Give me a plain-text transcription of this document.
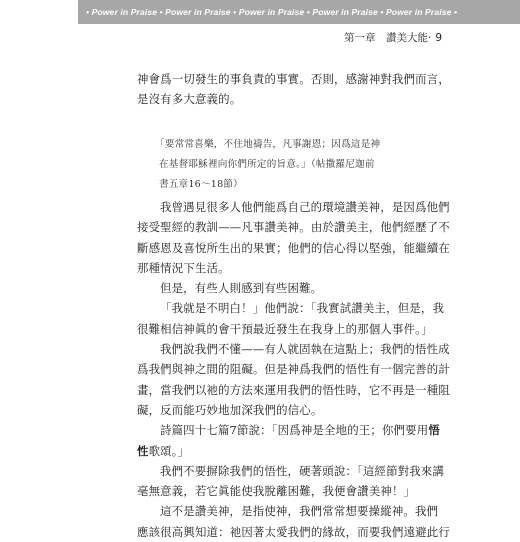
• Power in Praise • Power in Praise • Power in Praise • Power in Praise • Power in Praise •
第一章　讚美大能· 9
神會爲一切發生的事負責的事實。否則，感謝神對我們而言，
是沒有多大意義的。
「要常常喜樂，不住地禱告，凡事謝恩；因爲這是神
在基督耶穌裡向你們所定的旨意。」（帖撒羅尼迦前
書五章16～18節）
我曾遇見很多人他們能爲自己的環境讚美神，是因爲他們
接受聖經的教訓——凡事讚美神。由於讚美主，他們經歷了不
斷感恩及喜悅所生出的果實；他們的信心得以堅強，能繼續在
那種情況下生活。
但是，有些人則感到有些困難。
「我就是不明白！」他們說：「我實試讚美主，但是，我
很難相信神眞的會干預最近發生在我身上的那個人事件。」
我們說我們不懂——有人就固執在這點上；我們的悟性成
爲我們與神之間的阻礙。但是神爲我們的悟性有一個完善的計
畫，當我們以祂的方法來運用我們的悟性時，它不再是一種阻
礙，反而能巧妙地加深我們的信心。
詩篇四十七篇7節說：「因爲神是全地的王；你們要用悟
性歌頌。」
我們不要摒除我們的悟性，硬著頭說：「這經節對我來講
毫無意義，若它眞能使我脫離困難，我便會讚美神！」
這不是讚美神，是指使神，我們常常想要操縱神。我們
應該很高興知道：祂因著太愛我們的緣故，而要我們遠避此行
